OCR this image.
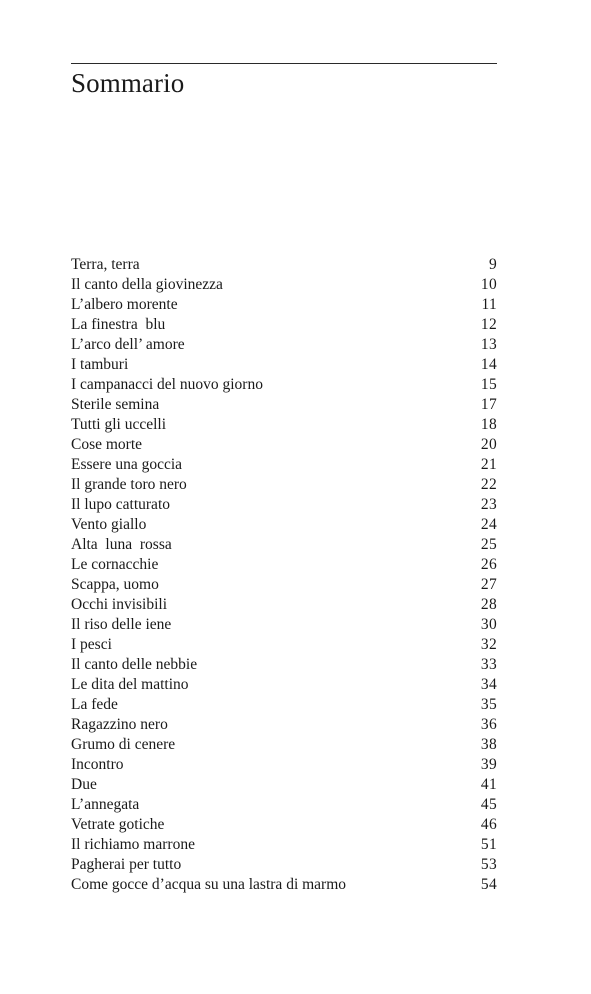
Sommario
Terra, terra	9
Il canto della giovinezza	10
L’albero morente	11
La finestra  blu	12
L’arco dell’ amore	13
I tamburi	14
I campanacci del nuovo giorno	15
Sterile semina	17
Tutti gli uccelli	18
Cose morte	20
Essere una goccia	21
Il grande toro nero	22
Il lupo catturato	23
Vento giallo	24
Alta  luna  rossa	25
Le cornacchie	26
Scappa, uomo	27
Occhi invisibili	28
Il riso delle iene	30
I pesci	32
Il canto delle nebbie	33
Le dita del mattino	34
La fede	35
Ragazzino nero	36
Grumo di cenere	38
Incontro	39
Due	41
L’annegata	45
Vetrate gotiche	46
Il richiamo marrone	51
Pagherai per tutto	53
Come gocce d’acqua su una lastra di marmo	54
